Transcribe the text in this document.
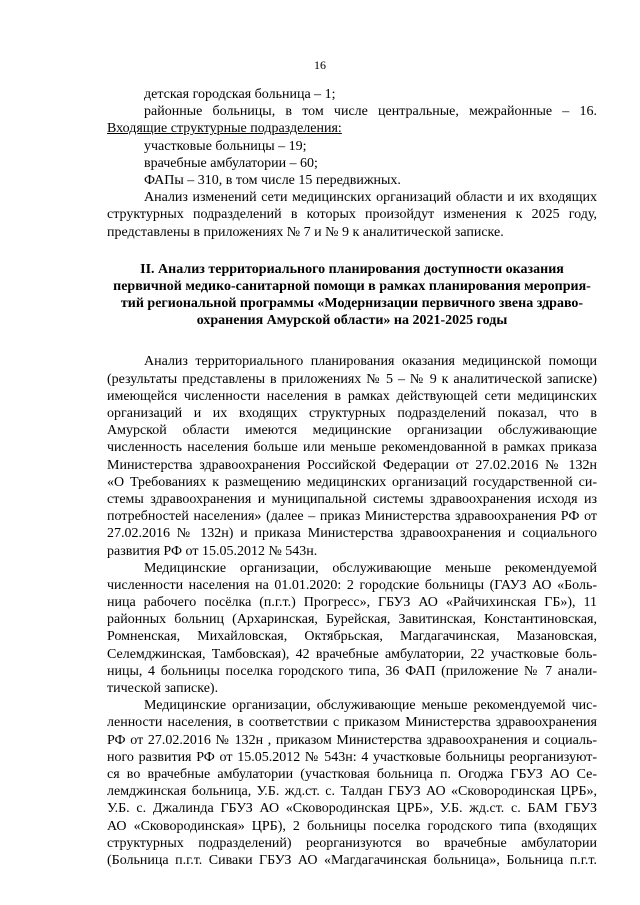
16
детская городская больница – 1;
районные больницы, в том числе центральные, межрайонные – 16.
Входящие структурные подразделения:
участковые больницы – 19;
врачебные амбулатории – 60;
ФАПы – 310, в том числе 15 передвижных.
Анализ изменений сети медицинских организаций области и их входящих
структурных подразделений в которых произойдут изменения к 2025 году,
представлены в приложениях № 7 и № 9 к аналитической записке.
II. Анализ территориального планирования доступности оказания
первичной медико-санитарной помощи в рамках планирования мероприя-
тий региональной программы «Модернизации первичного звена здраво-
охранения Амурской области» на 2021-2025 годы
Анализ территориального планирования оказания медицинской помощи
(результаты представлены в приложениях № 5 – № 9 к аналитической записке)
имеющейся численности населения в рамках действующей сети медицинских
организаций и их входящих структурных подразделений показал, что в
Амурской области имеются медицинские организации обслуживающие
численность населения больше или меньше рекомендованной в рамках приказа
Министерства здравоохранения Российской Федерации от 27.02.2016 № 132н
«О Требованиях к размещению медицинских организаций государственной си-
стемы здравоохранения и муниципальной системы здравоохранения исходя из
потребностей населения» (далее – приказ Министерства здравоохранения РФ от
27.02.2016 № 132н) и приказа Министерства здравоохранения и социального
развития РФ от 15.05.2012 № 543н.
Медицинские организации, обслуживающие меньше рекомендуемой
численности населения на 01.01.2020: 2 городские больницы (ГАУЗ АО «Боль-
ница рабочего посёлка (п.г.т.) Прогресс», ГБУЗ АО «Райчихинская ГБ»), 11
районных больниц (Архаринская, Бурейская, Завитинская, Константиновская,
Ромненская, Михайловская, Октябрьская, Магдагачинская, Мазановская,
Селемджинская, Тамбовская), 42 врачебные амбулатории, 22 участковые боль-
ницы, 4 больницы поселка городского типа, 36 ФАП (приложение № 7 анали-
тической записке).
Медицинские организации, обслуживающие меньше рекомендуемой чис-
ленности населения, в соответствии с приказом Министерства здравоохранения
РФ от 27.02.2016 № 132н , приказом Министерства здравоохранения и социаль-
ного развития РФ от 15.05.2012 № 543н: 4 участковые больницы реорганизуют-
ся во врачебные амбулатории (участковая больница п. Огоджа ГБУЗ АО Се-
лемджинская больница, У.Б. жд.ст. с. Талдан ГБУЗ АО «Сковородинская ЦРБ»,
У.Б. с. Джалинда ГБУЗ АО «Сковородинская ЦРБ», У.Б. жд.ст. с. БАМ ГБУЗ
АО «Сковородинская» ЦРБ), 2 больницы поселка городского типа (входящих
структурных подразделений) реорганизуются во врачебные амбулатории
(Больница п.г.т. Сиваки ГБУЗ АО «Магдагачинская больница», Больница п.г.т.
